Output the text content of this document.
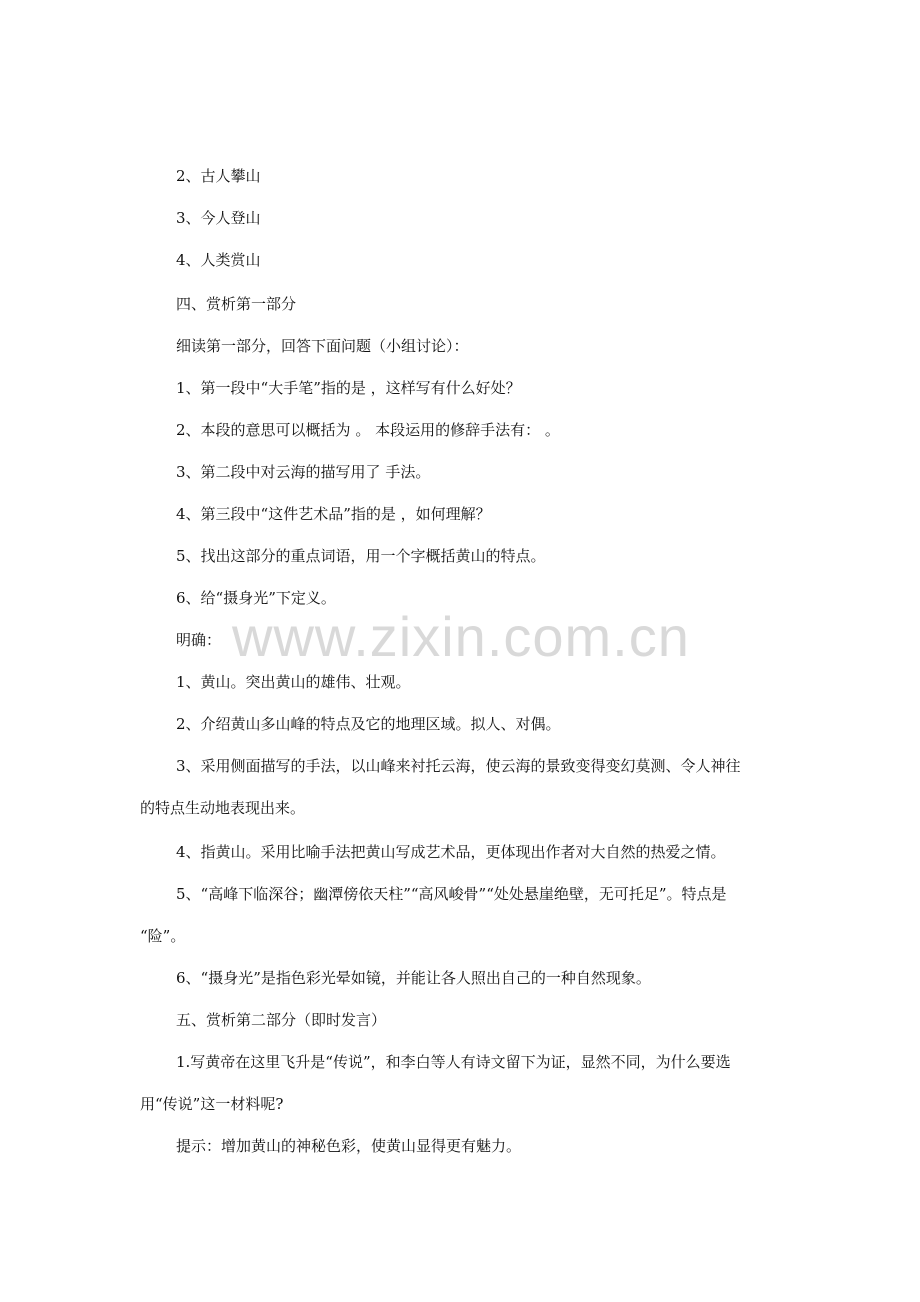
www.zixin.com.cn
2、古人攀山
3、今人登山
4、人类赏山
四、赏析第一部分
细读第一部分，回答下面问题（小组讨论）：
1、第一段中“大手笔”指的是 ，这样写有什么好处？
2、本段的意思可以概括为 。 本段运用的修辞手法有： 。
3、第二段中对云海的描写用了 手法。
4、第三段中“这件艺术品”指的是 ，如何理解？
5、找出这部分的重点词语，用一个字概括黄山的特点。
6、给“摄身光”下定义。
明确：
1、黄山。突出黄山的雄伟、壮观。
2、介绍黄山多山峰的特点及它的地理区域。拟人、对偶。
3、采用侧面描写的手法，以山峰来衬托云海，使云海的景致变得变幻莫测、令人神往
的特点生动地表现出来。
4、指黄山。采用比喻手法把黄山写成艺术品，更体现出作者对大自然的热爱之情。
5、“高峰下临深谷；幽潭傍依天柱”“高风峻骨”“处处悬崖绝壁，无可托足”。特点是
“险”。
6、“摄身光”是指色彩光晕如镜，并能让各人照出自己的一种自然现象。
五、赏析第二部分（即时发言）
1.写黄帝在这里飞升是“传说”，和李白等人有诗文留下为证，显然不同，为什么要选
用“传说”这一材料呢?
提示：增加黄山的神秘色彩，使黄山显得更有魅力。
